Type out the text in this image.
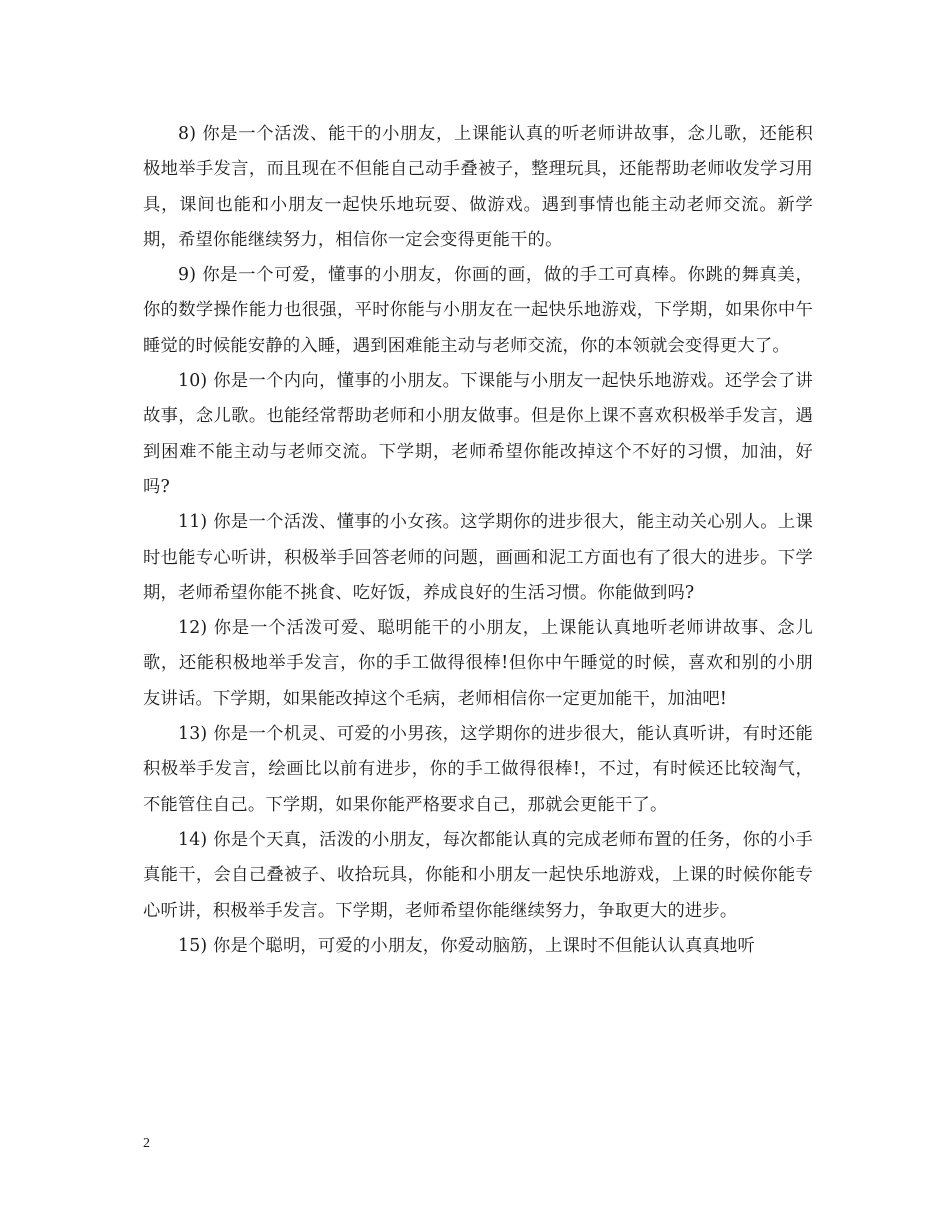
8) 你是一个活泼、能干的小朋友，上课能认真的听老师讲故事，念儿歌，还能积极地举手发言，而且现在不但能自己动手叠被子，整理玩具，还能帮助老师收发学习用具，课间也能和小朋友一起快乐地玩耍、做游戏。遇到事情也能主动老师交流。新学期，希望你能继续努力，相信你一定会变得更能干的。

9) 你是一个可爱，懂事的小朋友，你画的画，做的手工可真棒。你跳的舞真美，你的数学操作能力也很强，平时你能与小朋友在一起快乐地游戏，下学期，如果你中午睡觉的时候能安静的入睡，遇到困难能主动与老师交流，你的本领就会变得更大了。

10) 你是一个内向，懂事的小朋友。下课能与小朋友一起快乐地游戏。还学会了讲故事，念儿歌。也能经常帮助老师和小朋友做事。但是你上课不喜欢积极举手发言，遇到困难不能主动与老师交流。下学期，老师希望你能改掉这个不好的习惯，加油，好吗?

11) 你是一个活泼、懂事的小女孩。这学期你的进步很大，能主动关心别人。上课时也能专心听讲，积极举手回答老师的问题，画画和泥工方面也有了很大的进步。下学期，老师希望你能不挑食、吃好饭，养成良好的生活习惯。你能做到吗?

12) 你是一个活泼可爱、聪明能干的小朋友，上课能认真地听老师讲故事、念儿歌，还能积极地举手发言，你的手工做得很棒!但你中午睡觉的时候，喜欢和别的小朋友讲话。下学期，如果能改掉这个毛病，老师相信你一定更加能干，加油吧!

13) 你是一个机灵、可爱的小男孩，这学期你的进步很大，能认真听讲，有时还能积极举手发言，绘画比以前有进步，你的手工做得很棒!，不过，有时候还比较淘气，不能管住自己。下学期，如果你能严格要求自己，那就会更能干了。

14) 你是个天真，活泼的小朋友，每次都能认真的完成老师布置的任务，你的小手真能干，会自己叠被子、收拾玩具，你能和小朋友一起快乐地游戏，上课的时候你能专心听讲，积极举手发言。下学期，老师希望你能继续努力，争取更大的进步。

15) 你是个聪明，可爱的小朋友，你爱动脑筋，上课时不但能认认真真地听

2
